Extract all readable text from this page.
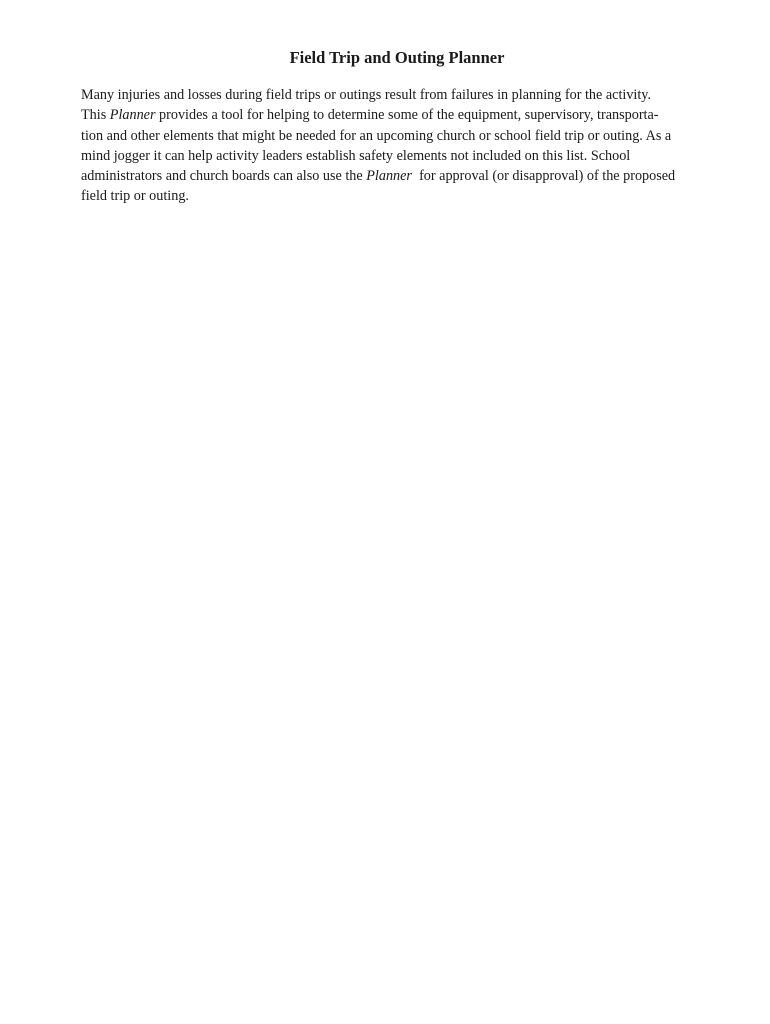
Field Trip and Outing Planner

Many injuries and losses during field trips or outings result from failures in planning for the activity.
This Planner provides a tool for helping to determine some of the equipment, supervisory, transporta-
tion and other elements that might be needed for an upcoming church or school field trip or outing. As a
mind jogger it can help activity leaders establish safety elements not included on this list. School
administrators and church boards can also use the Planner  for approval (or disapproval) of the proposed
field trip or outing.
